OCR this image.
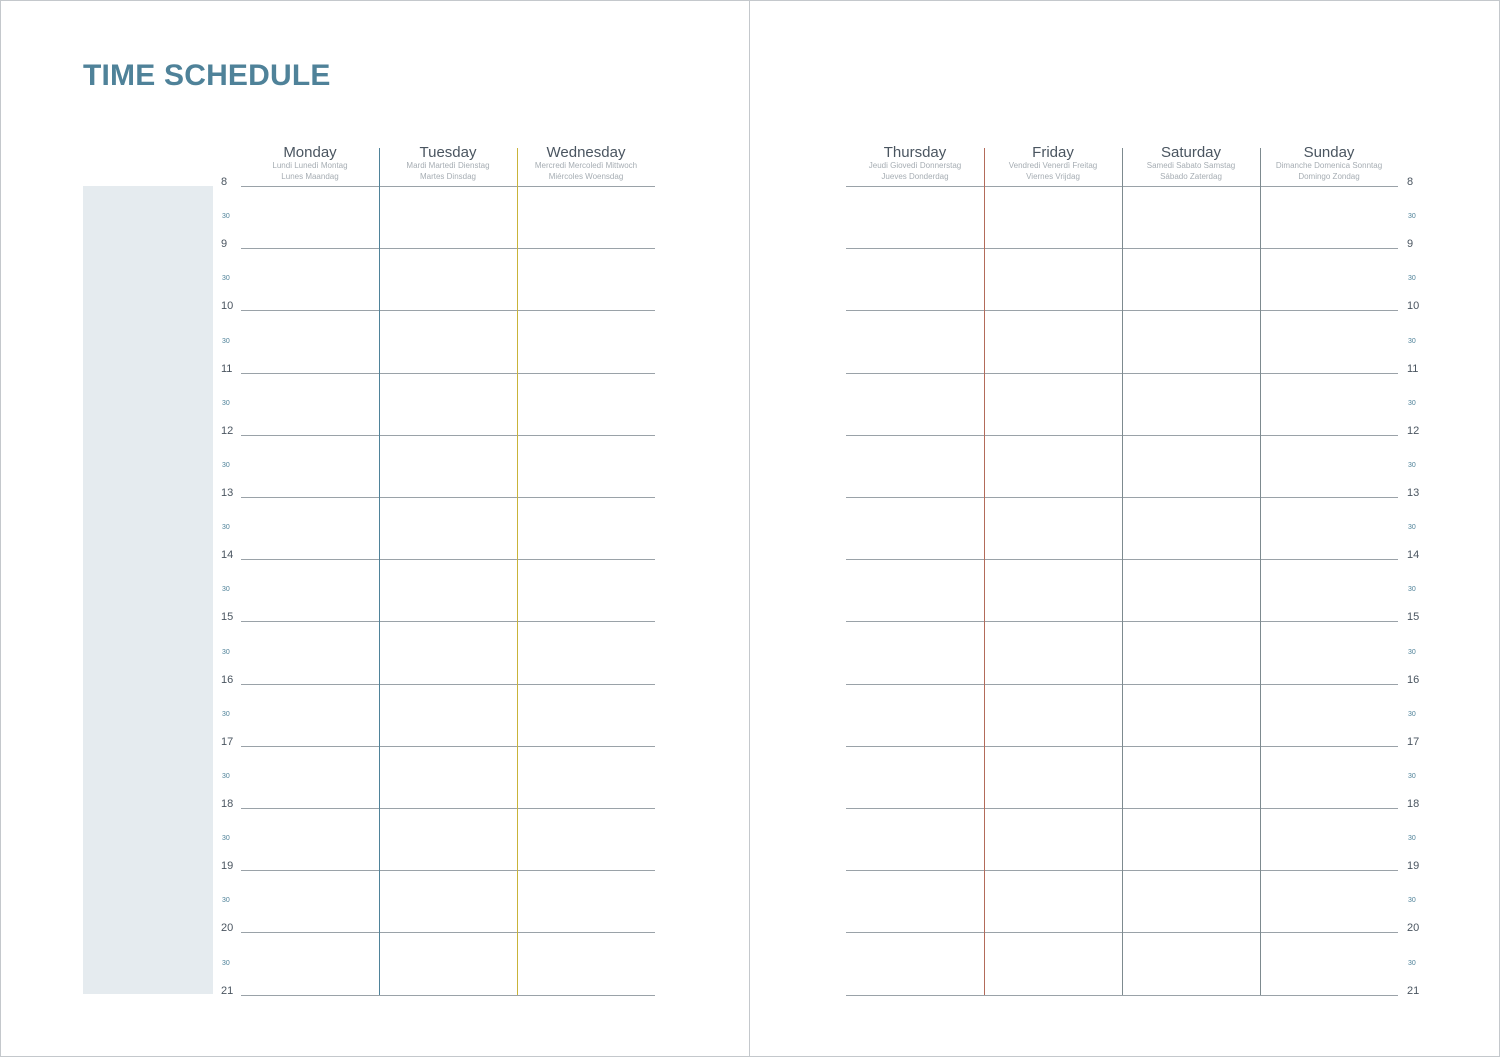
TIME SCHEDULE
8
30
9
30
10
30
11
30
12
30
13
30
14
30
15
30
16
30
17
30
18
30
19
30
20
30
21
Monday
Lundi Lunedì Montag
Lunes Maandag
Tuesday
Mardi Martedì Dienstag
Martes Dinsdag
Wednesday
Mercredi Mercoledì Mittwoch
Miércoles Woensdag	8
30
9
30
10
30
11
30
12
30
13
30
14
30
15
30
16
30
17
30
18
30
19
30
20
30
21
Thursday
Jeudi Giovedì Donnerstag
Jueves Donderdag
Friday
Vendredi Venerdì Freitag
Viernes Vrijdag
Saturday
Samedi Sabato Samstag
Sábado Zaterdag
Sunday
Dimanche Domenica Sonntag
Domingo Zondag
